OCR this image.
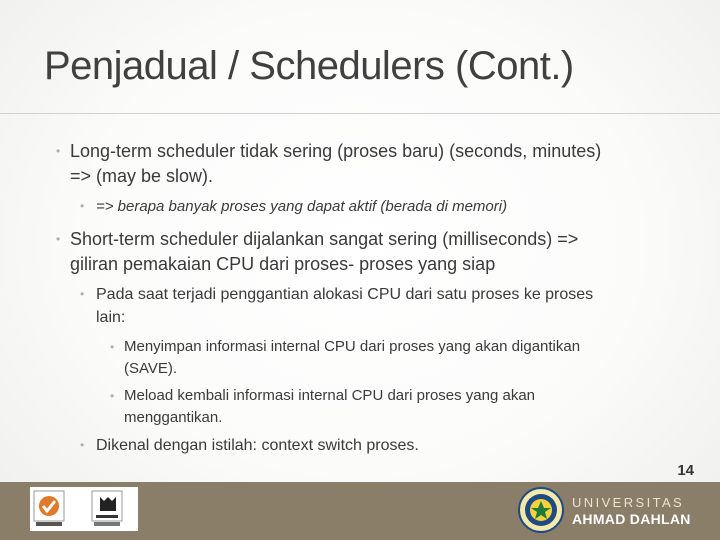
Penjadual / Schedulers (Cont.)
• Long-term scheduler tidak sering (proses baru) (seconds, minutes)
=> (may be slow).
• => berapa banyak proses yang dapat aktif (berada di memori)
• Short-term scheduler dijalankan sangat sering (milliseconds) =>
giliran pemakaian CPU dari proses- proses yang siap
• Pada saat terjadi penggantian alokasi CPU dari satu proses ke proses
lain:
• Menyimpan informasi internal CPU dari proses yang akan digantikan
(SAVE).
• Meload kembali informasi internal CPU dari proses yang akan
menggantikan.
• Dikenal dengan istilah: context switch proses.
14
UNIVERSITAS
AHMAD DAHLAN
